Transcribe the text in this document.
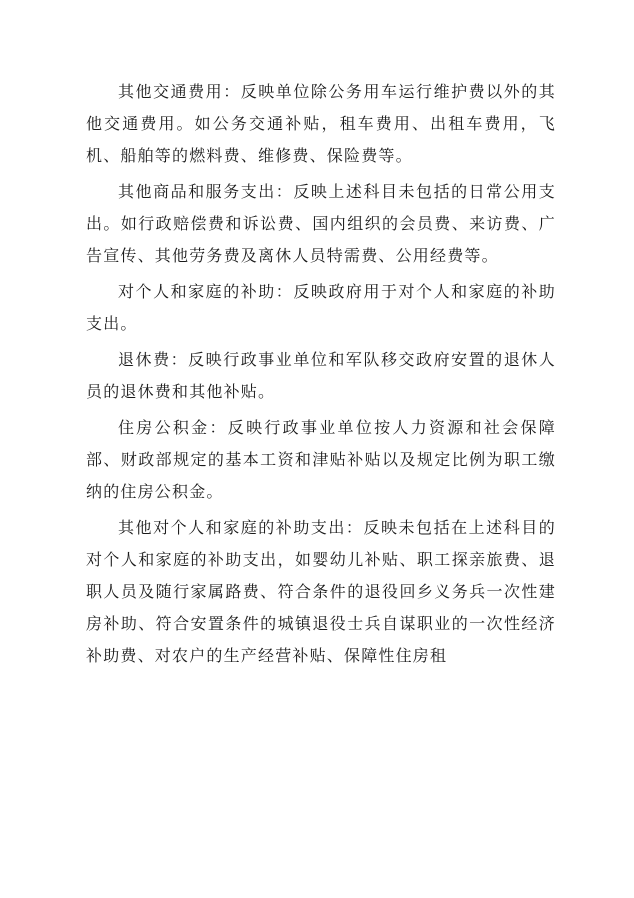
其他交通费用：反映单位除公务用车运行维护费以外的其他交通费用。如公务交通补贴，租车费用、出租车费用，飞机、船舶等的燃料费、维修费、保险费等。

其他商品和服务支出：反映上述科目未包括的日常公用支出。如行政赔偿费和诉讼费、国内组织的会员费、来访费、广告宣传、其他劳务费及离休人员特需费、公用经费等。

对个人和家庭的补助：反映政府用于对个人和家庭的补助支出。

退休费：反映行政事业单位和军队移交政府安置的退休人员的退休费和其他补贴。

住房公积金：反映行政事业单位按人力资源和社会保障部、财政部规定的基本工资和津贴补贴以及规定比例为职工缴纳的住房公积金。

其他对个人和家庭的补助支出：反映未包括在上述科目的对个人和家庭的补助支出，如婴幼儿补贴、职工探亲旅费、退职人员及随行家属路费、符合条件的退役回乡义务兵一次性建房补助、符合安置条件的城镇退役士兵自谋职业的一次性经济补助费、对农户的生产经营补贴、保障性住房租
